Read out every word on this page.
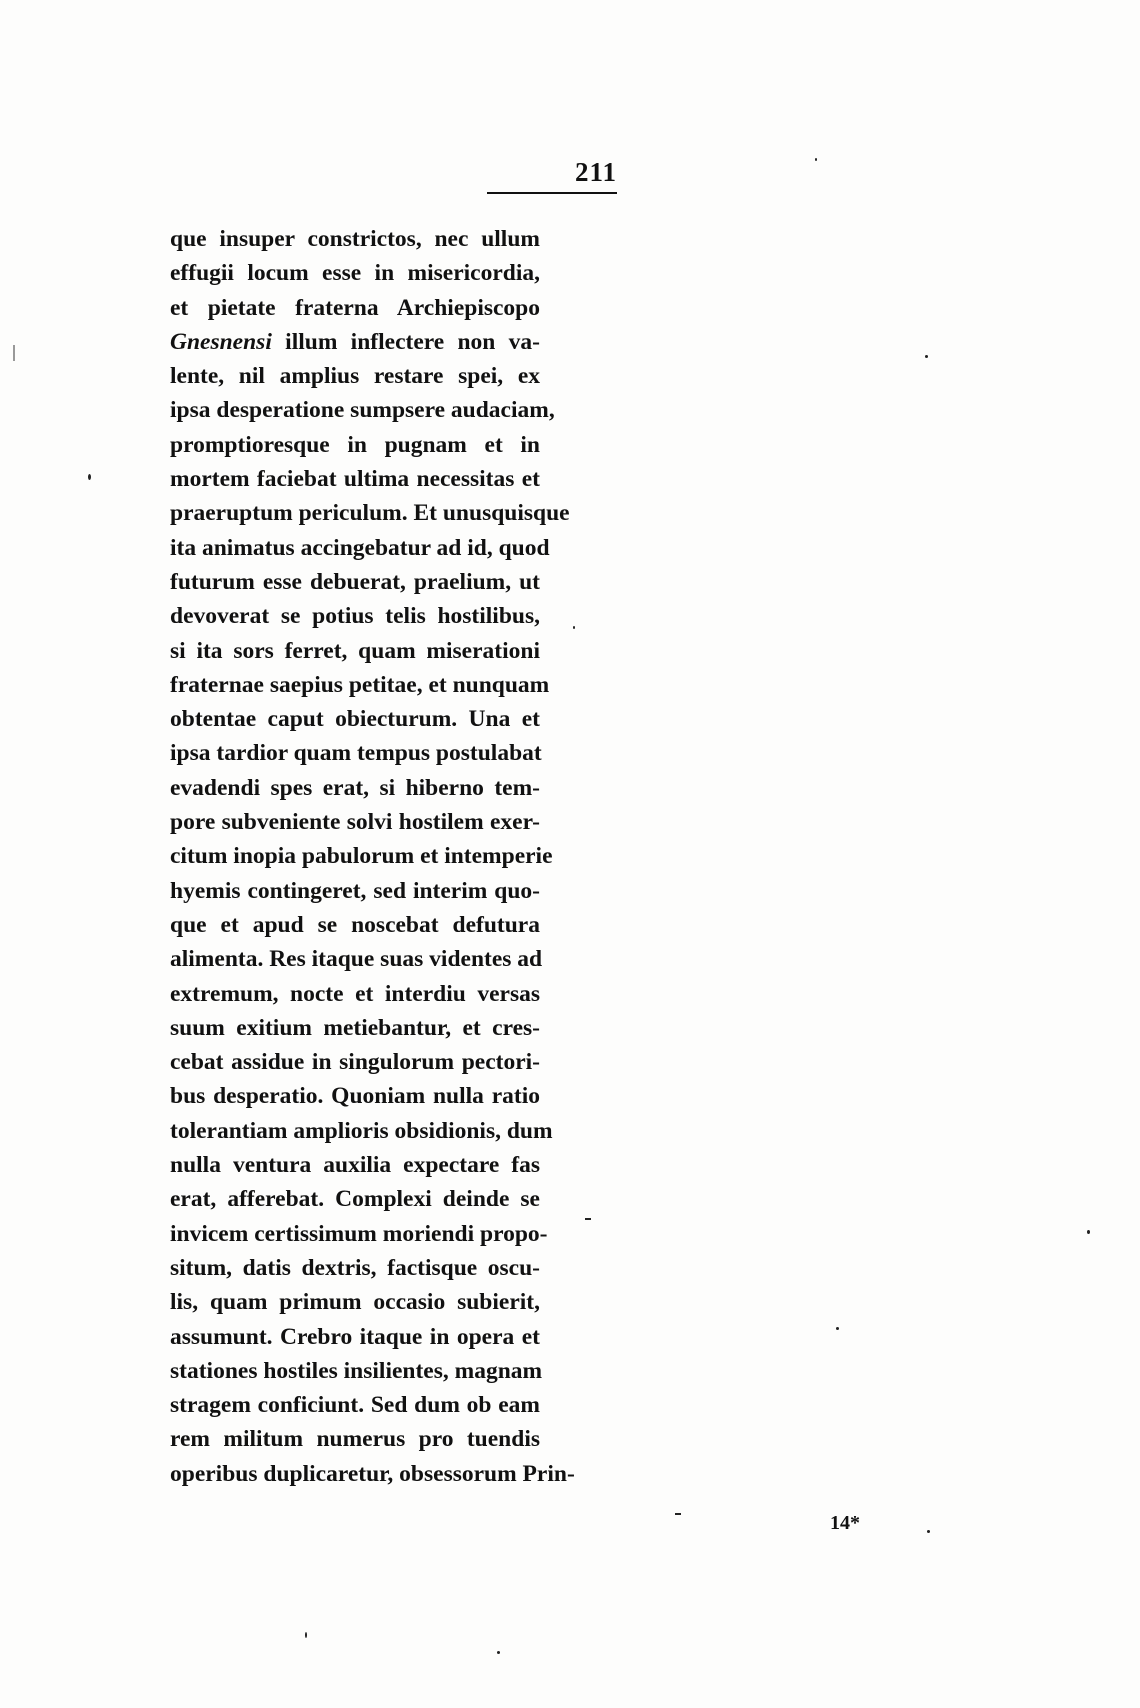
211
que insuper constrictos, nec ullum
effugii locum esse in misericordia,
et pietate fraterna Archiepiscopo
Gnesnensi illum inflectere non va-
lente, nil amplius restare spei, ex
ipsa desperatione sumpsere audaciam,
promptioresque in pugnam et in
mortem faciebat ultima necessitas et
praeruptum periculum. Et unusquisque
ita animatus accingebatur ad id, quod
futurum esse debuerat, praelium, ut
devoverat se potius telis hostilibus,
si ita sors ferret, quam miserationi
fraternae saepius petitae, et nunquam
obtentae caput obiecturum. Una et
ipsa tardior quam tempus postulabat
evadendi spes erat, si hiberno tem-
pore subveniente solvi hostilem exer-
citum inopia pabulorum et intemperie
hyemis contingeret, sed interim quo-
que et apud se noscebat defutura
alimenta. Res itaque suas videntes ad
extremum, nocte et interdiu versas
suum exitium metiebantur, et cres-
cebat assidue in singulorum pectori-
bus desperatio. Quoniam nulla ratio
tolerantiam amplioris obsidionis, dum
nulla ventura auxilia expectare fas
erat, afferebat. Complexi deinde se
invicem certissimum moriendi propo-
situm, datis dextris, factisque oscu-
lis, quam primum occasio subierit,
assumunt. Crebro itaque in opera et
stationes hostiles insilientes, magnam
stragem conficiunt. Sed dum ob eam
rem militum numerus pro tuendis
operibus duplicaretur, obsessorum Prin-
14*
